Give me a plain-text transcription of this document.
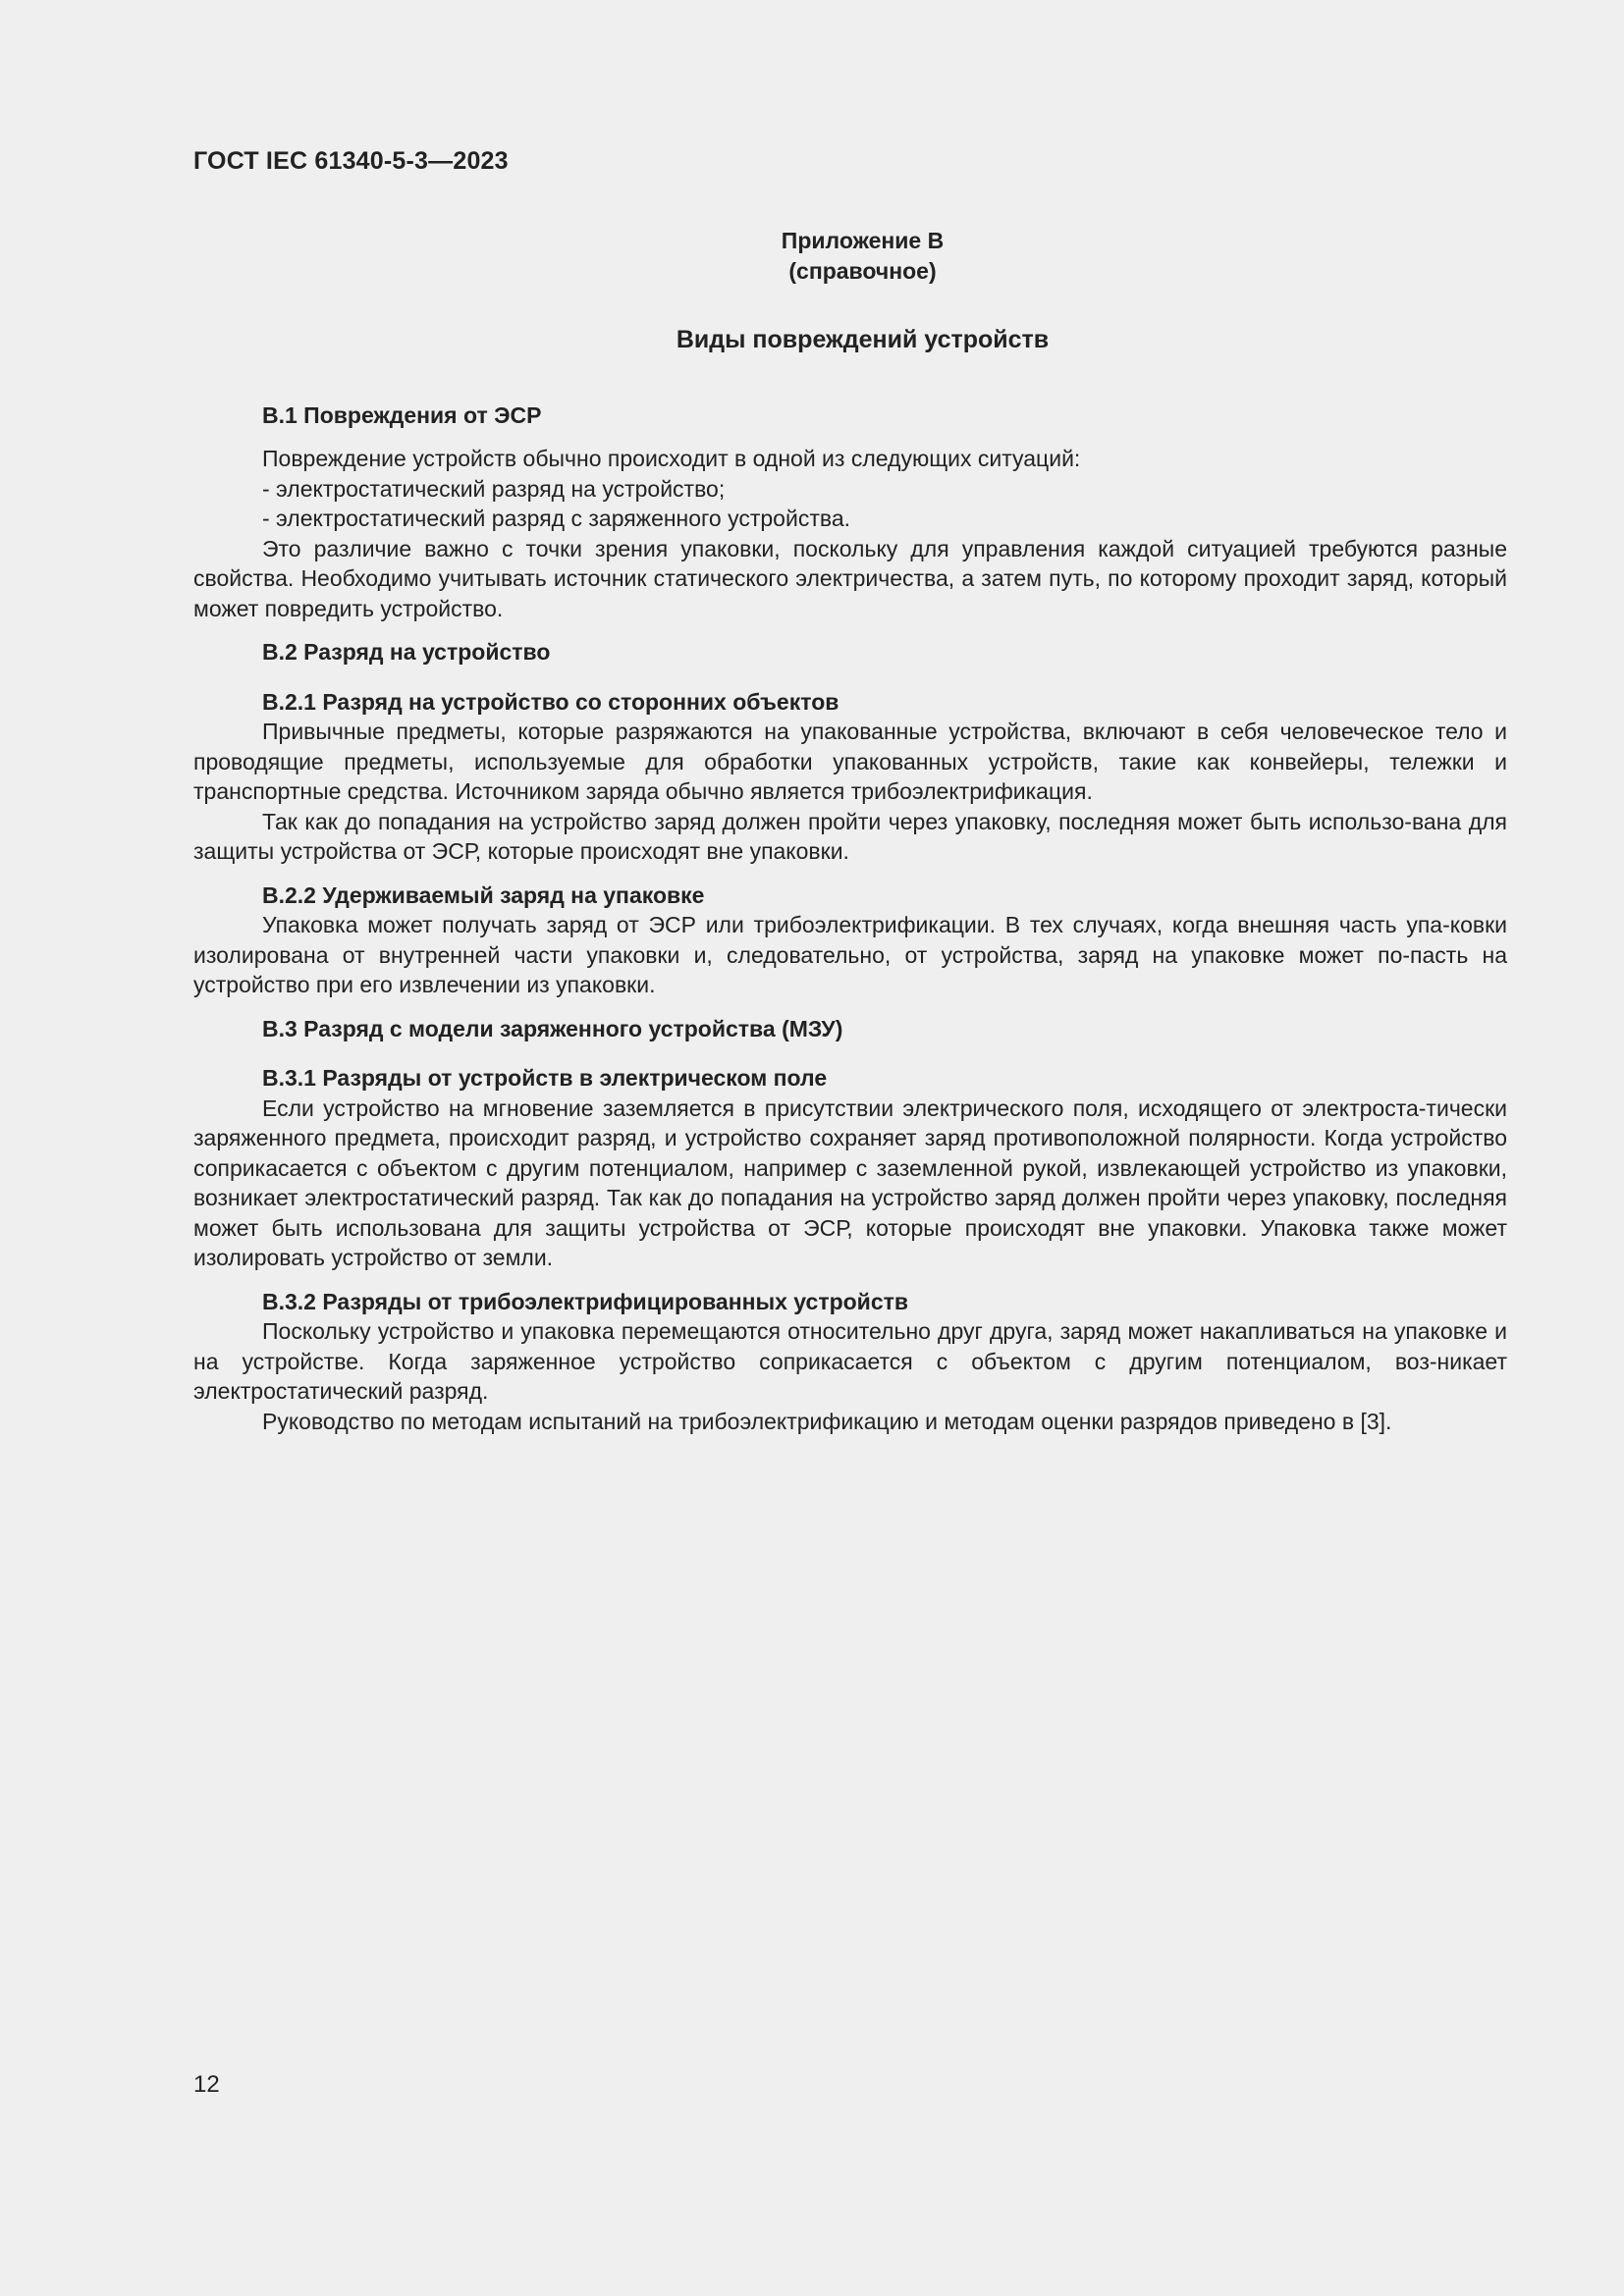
ГОСТ IEC 61340-5-3—2023

Приложение В

(справочное)

Виды повреждений устройств

В.1 Повреждения от ЭСР

Повреждение устройств обычно происходит в одной из следующих ситуаций:

- электростатический разряд на устройство;

- электростатический разряд с заряженного устройства.

Это различие важно с точки зрения упаковки, поскольку для управления каждой ситуацией требуются разные свойства. Необходимо учитывать источник статического электричества, а затем путь, по которому проходит заряд, который может повредить устройство.

В.2 Разряд на устройство

В.2.1 Разряд на устройство со сторонних объектов

Привычные предметы, которые разряжаются на упакованные устройства, включают в себя человеческое тело и проводящие предметы, используемые для обработки упакованных устройств, такие как конвейеры, тележки и транспортные средства. Источником заряда обычно является трибоэлектрификация.

Так как до попадания на устройство заряд должен пройти через упаковку, последняя может быть использо-вана для защиты устройства от ЭСР, которые происходят вне упаковки.

В.2.2 Удерживаемый заряд на упаковке

Упаковка может получать заряд от ЭСР или трибоэлектрификации. В тех случаях, когда внешняя часть упа-ковки изолирована от внутренней части упаковки и, следовательно, от устройства, заряд на упаковке может по-пасть на устройство при его извлечении из упаковки.

В.3 Разряд с модели заряженного устройства (МЗУ)

В.3.1 Разряды от устройств в электрическом поле

Если устройство на мгновение заземляется в присутствии электрического поля, исходящего от электроста-тически заряженного предмета, происходит разряд, и устройство сохраняет заряд противоположной полярности. Когда устройство соприкасается с объектом с другим потенциалом, например с заземленной рукой, извлекающей устройство из упаковки, возникает электростатический разряд. Так как до попадания на устройство заряд должен пройти через упаковку, последняя может быть использована для защиты устройства от ЭСР, которые происходят вне упаковки. Упаковка также может изолировать устройство от земли.

В.3.2 Разряды от трибоэлектрифицированных устройств

Поскольку устройство и упаковка перемещаются относительно друг друга, заряд может накапливаться на упаковке и на устройстве. Когда заряженное устройство соприкасается с объектом с другим потенциалом, воз-никает электростатический разряд.

Руководство по методам испытаний на трибоэлектрификацию и методам оценки разрядов приведено в [3].

12
